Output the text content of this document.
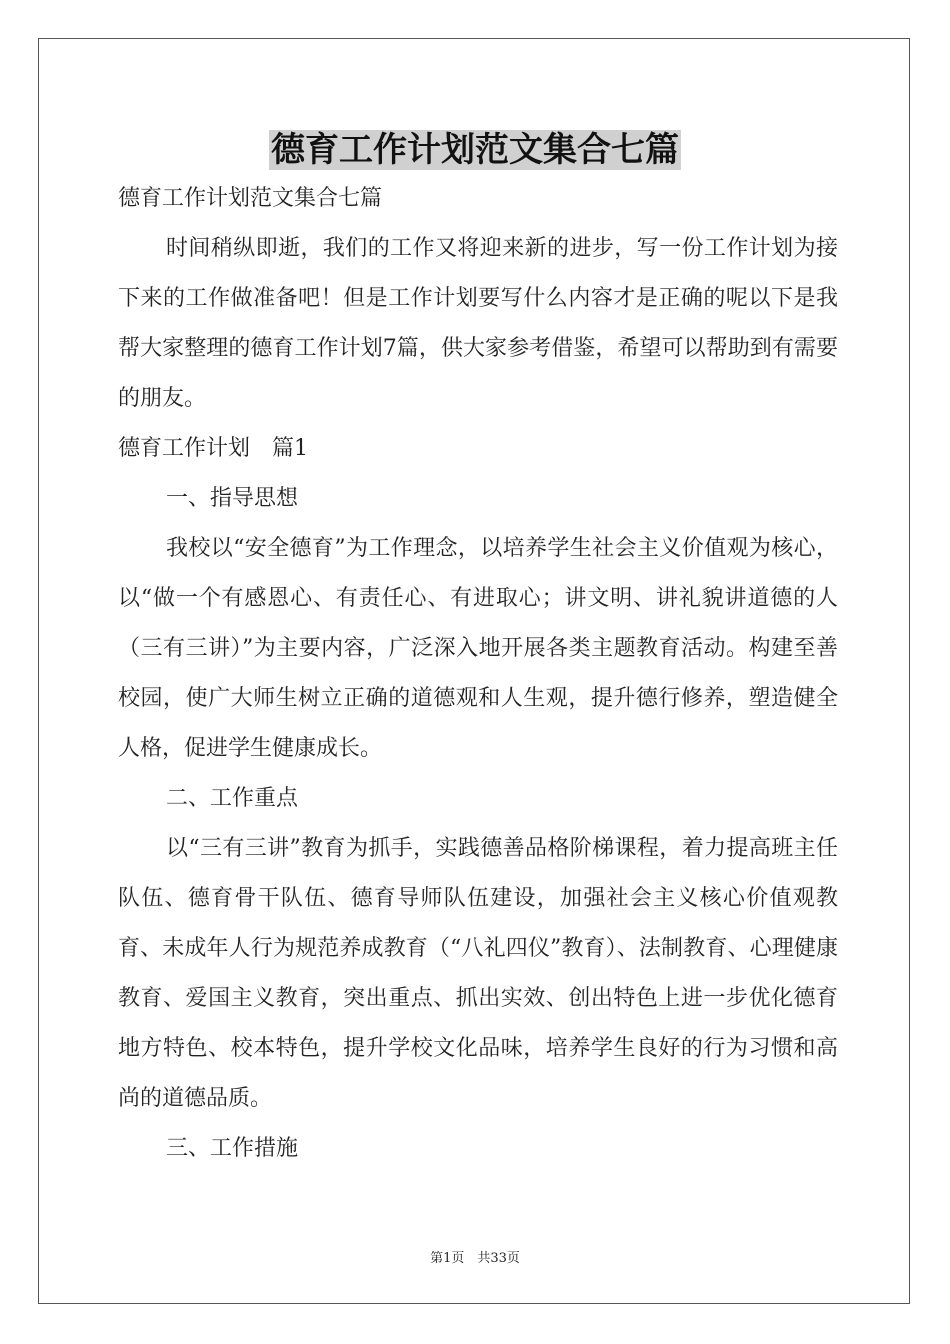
德育工作计划范文集合七篇

德育工作计划范文集合七篇

时间稍纵即逝，我们的工作又将迎来新的进步，写一份工作计划为接下来的工作做准备吧！但是工作计划要写什么内容才是正确的呢以下是我帮大家整理的德育工作计划7篇，供大家参考借鉴，希望可以帮助到有需要的朋友。

德育工作计划　篇1

一、指导思想

我校以“安全德育”为工作理念，以培养学生社会主义价值观为核心，以“做一个有感恩心、有责任心、有进取心；讲文明、讲礼貌讲道德的人（三有三讲）”为主要内容，广泛深入地开展各类主题教育活动。构建至善校园，使广大师生树立正确的道德观和人生观，提升德行修养，塑造健全人格，促进学生健康成长。

二、工作重点

以“三有三讲”教育为抓手，实践德善品格阶梯课程，着力提高班主任队伍、德育骨干队伍、德育导师队伍建设，加强社会主义核心价值观教育、未成年人行为规范养成教育（“八礼四仪”教育）、法制教育、心理健康教育、爱国主义教育，突出重点、抓出实效、创出特色上进一步优化德育地方特色、校本特色，提升学校文化品味，培养学生良好的行为习惯和高尚的道德品质。

三、工作措施

第1页　共33页
